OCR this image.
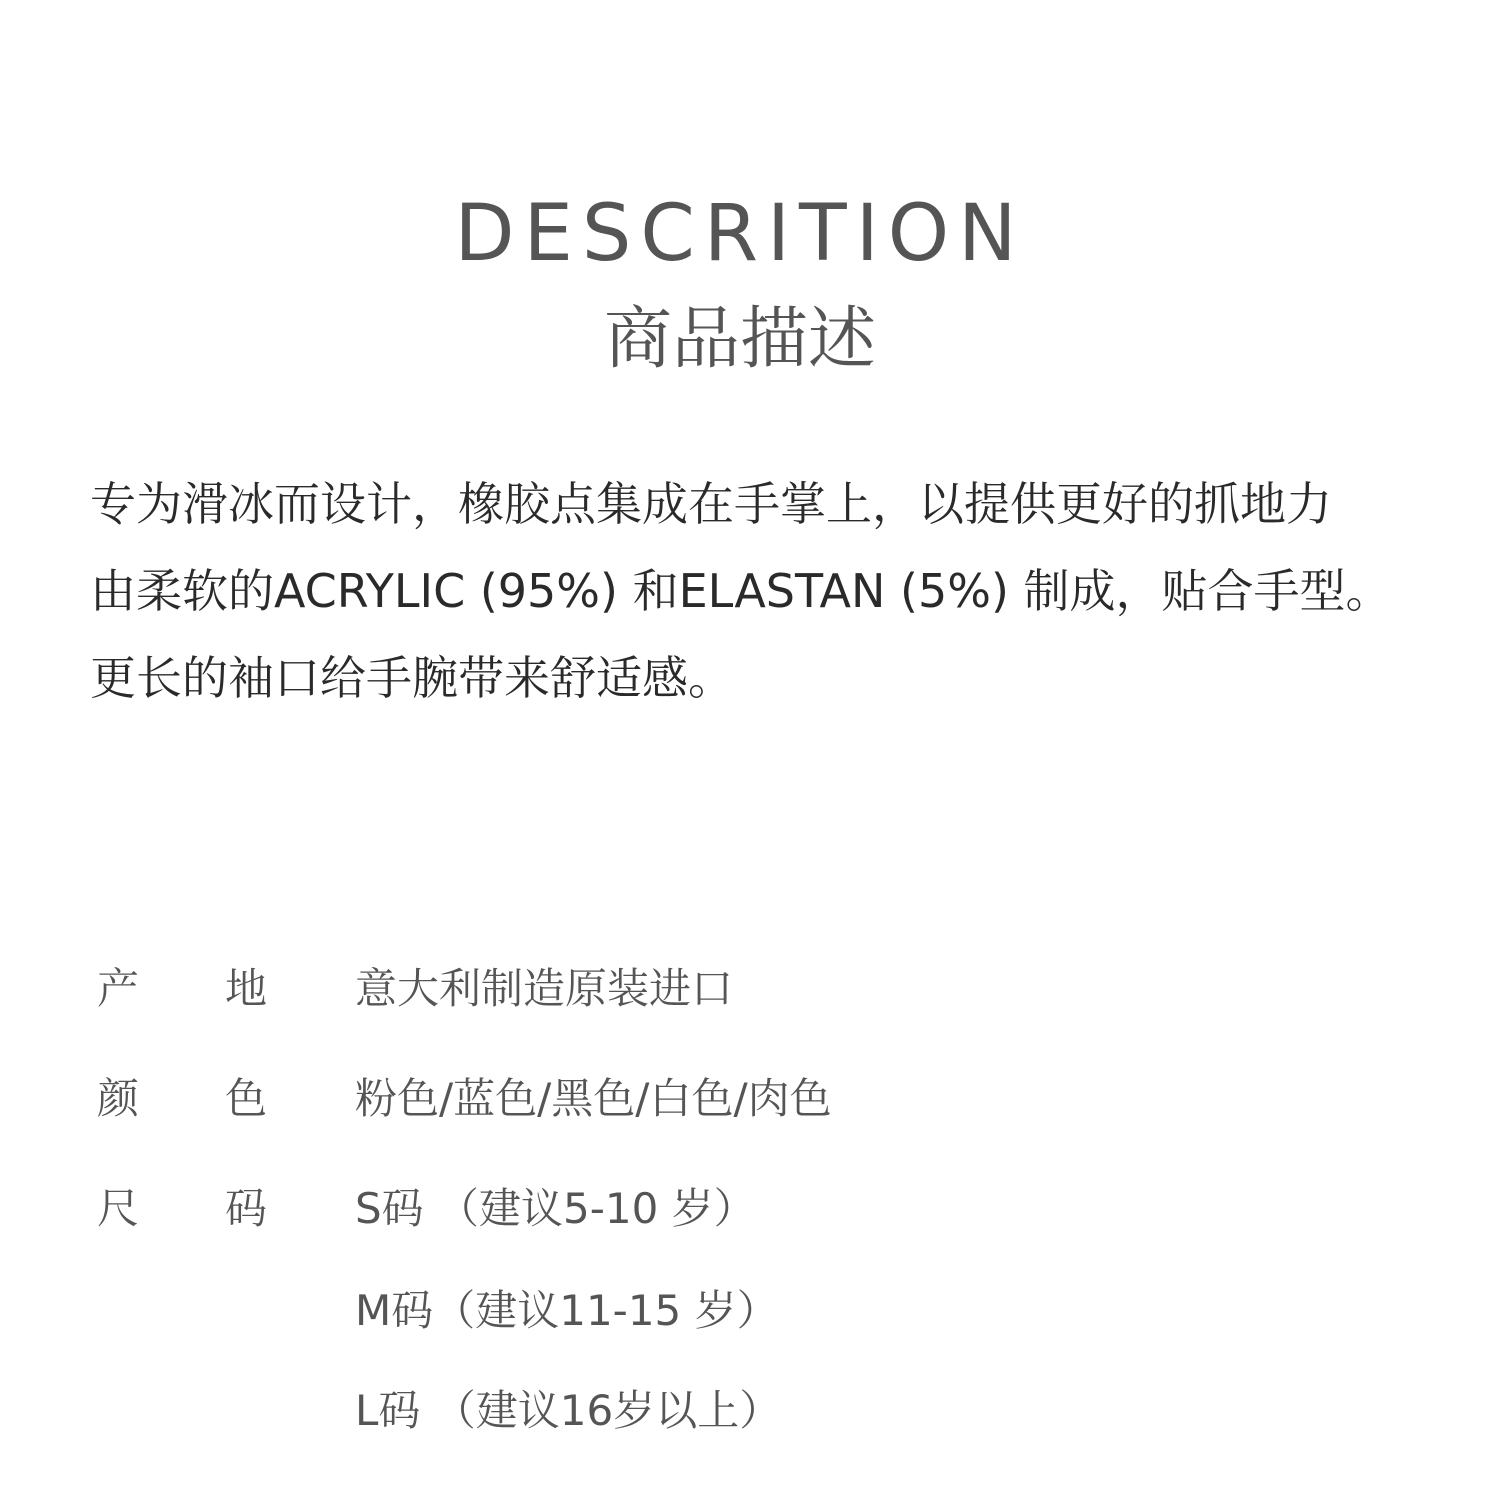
DESCRITION
商品描述
专为滑冰而设计，橡胶点集成在手掌上，以提供更好的抓地力
由柔软的ACRYLIC (95%) 和ELASTAN (5%) 制成，贴合手型。
更长的袖口给手腕带来舒适感。
产 地 意大利制造原装进口
颜 色 粉色/蓝色/黑色/白色/肉色
尺 码 S码 （建议5-10 岁）
M码（建议11-15 岁）
L码 （建议16岁以上）
